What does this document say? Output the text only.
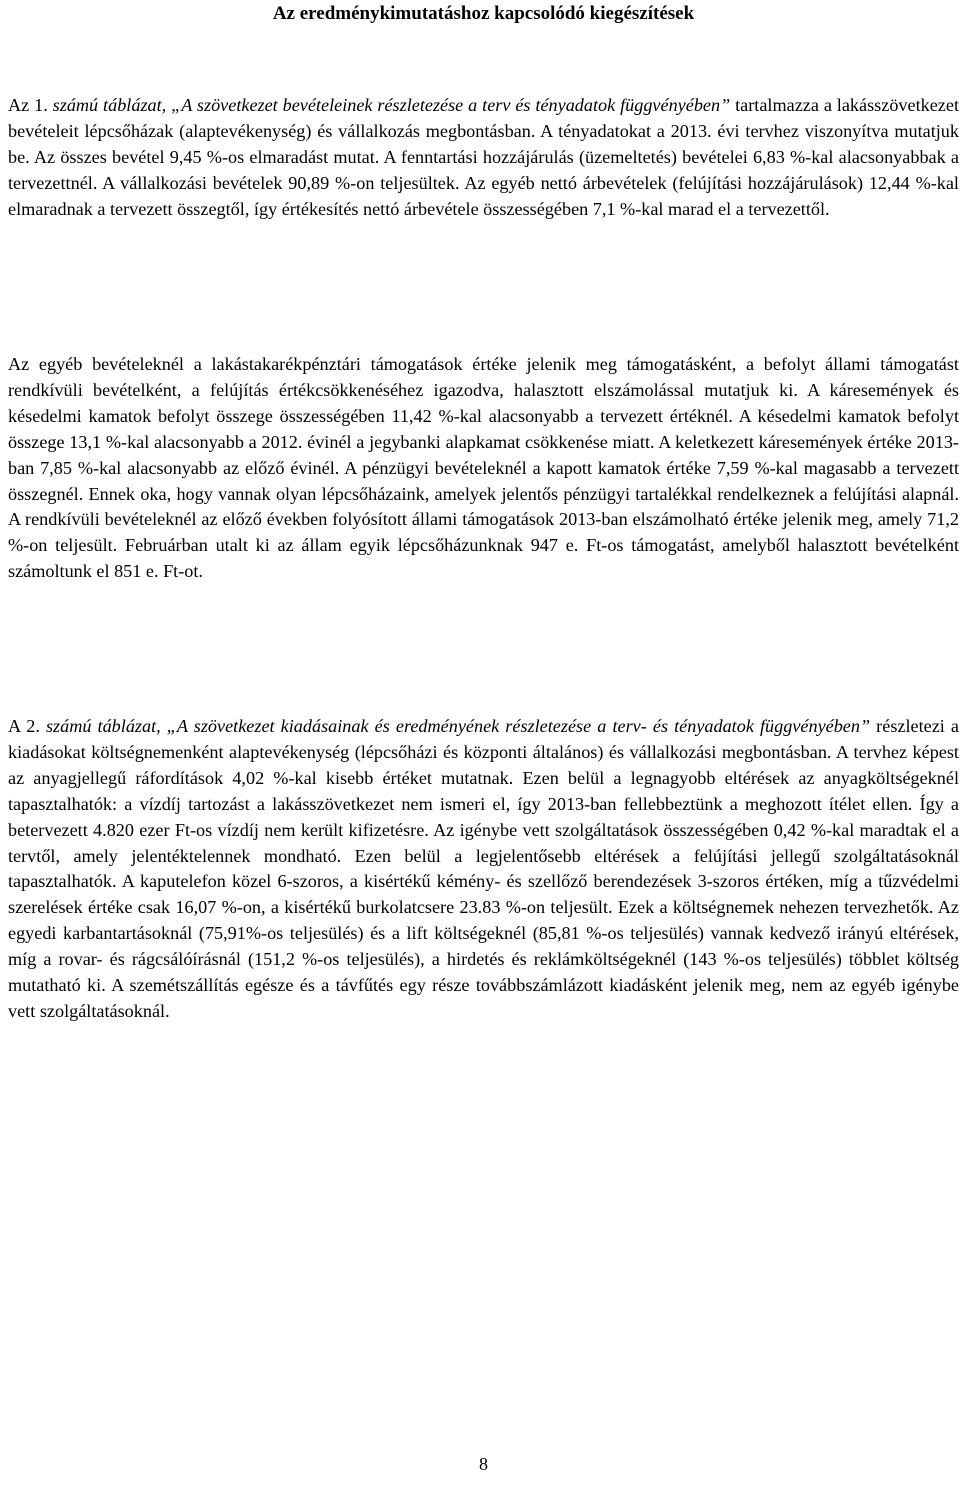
Az eredménykimutatáshoz kapcsolódó kiegészítések

Az 1. számú táblázat, „A szövetkezet bevételeinek részletezése a terv és tényadatok függvényében” tartalmazza a lakásszövetkezet bevételeit lépcsőházak (alaptevékenység) és vállalkozás megbontásban. A tényadatokat a 2013. évi tervhez viszonyítva mutatjuk be. Az összes bevétel 9,45 %-os elmaradást mutat. A fenntartási hozzájárulás (üzemeltetés) bevételei 6,83 %-kal alacsonyabbak a tervezettnél. A vállalkozási bevételek 90,89 %-on teljesültek. Az egyéb nettó árbevételek (felújítási hozzájárulások) 12,44 %-kal elmaradnak a tervezett összegtől, így értékesítés nettó árbevétele összességében 7,1 %-kal marad el a tervezettől.

Az egyéb bevételeknél a lakástakarékpénztári támogatások értéke jelenik meg támogatásként, a befolyt állami támogatást rendkívüli bevételként, a felújítás értékcsökkenéséhez igazodva, halasztott elszámolással mutatjuk ki. A káresemények és késedelmi kamatok befolyt összege összességében 11,42 %-kal alacsonyabb a tervezett értéknél. A késedelmi kamatok befolyt összege 13,1 %-kal alacsonyabb a 2012. évinél a jegybanki alapkamat csökkenése miatt. A keletkezett káresemények értéke 2013-ban 7,85 %-kal alacsonyabb az előző évinél. A pénzügyi bevételeknél a kapott kamatok értéke 7,59 %-kal magasabb a tervezett összegnél. Ennek oka, hogy vannak olyan lépcsőházaink, amelyek jelentős pénzügyi tartalékkal rendelkeznek a felújítási alapnál. A rendkívüli bevételeknél az előző években folyósított állami támogatások 2013-ban elszámolható értéke jelenik meg, amely 71,2 %-on teljesült. Februárban utalt ki az állam egyik lépcsőházunknak 947 e. Ft-os támogatást, amelyből halasztott bevételként számoltunk el 851 e. Ft-ot.

A 2. számú táblázat, „A szövetkezet kiadásainak és eredményének részletezése a terv- és tényadatok függvényében” részletezi a kiadásokat költségnemenként alaptevékenység (lépcsőházi és központi általános) és vállalkozási megbontásban. A tervhez képest az anyagjellegű ráfordítások 4,02 %-kal kisebb értéket mutatnak. Ezen belül a legnagyobb eltérések az anyagköltségeknél tapasztalhatók: a vízdíj tartozást a lakásszövetkezet nem ismeri el, így 2013-ban fellebbeztünk a meghozott ítélet ellen. Így a betervezett 4.820 ezer Ft-os vízdíj nem került kifizetésre. Az igénybe vett szolgáltatások összességében 0,42 %-kal maradtak el a tervtől, amely jelentéktelennek mondható. Ezen belül a legjelentősebb eltérések a felújítási jellegű szolgáltatásoknál tapasztalhatók. A kaputelefon közel 6-szoros, a kisértékű kémény- és szellőző berendezések 3-szoros értéken, míg a tűzvédelmi szerelések értéke csak 16,07 %-on, a kisértékű burkolatcsere 23.83 %-on teljesült. Ezek a költségnemek nehezen tervezhetők. Az egyedi karbantartásoknál (75,91%-os teljesülés) és a lift költségeknél (85,81 %-os teljesülés) vannak kedvező irányú eltérések, míg a rovar- és rágcsálóírásnál (151,2 %-os teljesülés), a hirdetés és reklámköltségeknél (143 %-os teljesülés) többlet költség mutatható ki. A szemétszállítás egészе és a távfűtés egy része továbbszámlázott kiadásként jelenik meg, nem az egyéb igénybe vett szolgáltatásoknál.

8
